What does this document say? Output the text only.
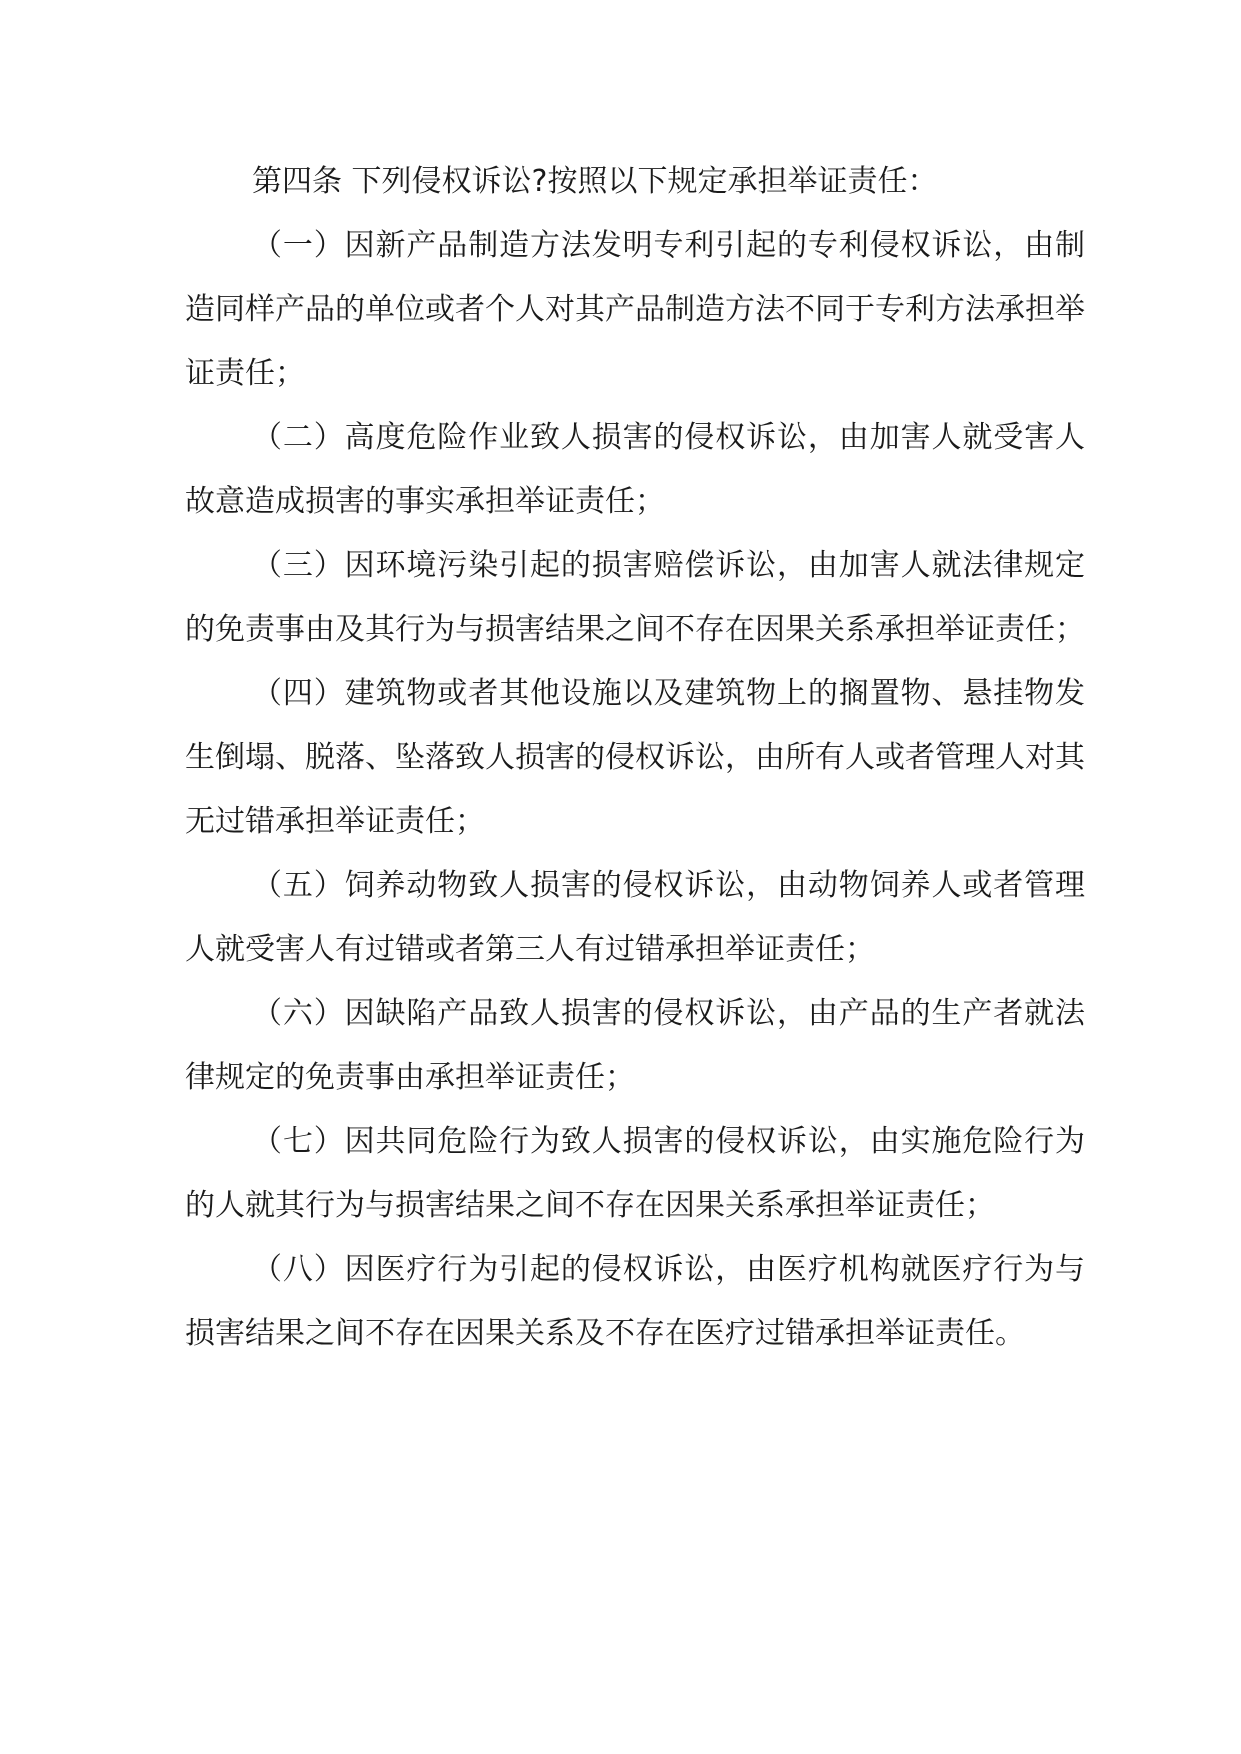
第四条 下列侵权诉讼?按照以下规定承担举证责任：

（一）因新产品制造方法发明专利引起的专利侵权诉讼，由制造同样产品的单位或者个人对其产品制造方法不同于专利方法承担举证责任；

（二）高度危险作业致人损害的侵权诉讼，由加害人就受害人故意造成损害的事实承担举证责任；

（三）因环境污染引起的损害赔偿诉讼，由加害人就法律规定的免责事由及其行为与损害结果之间不存在因果关系承担举证责任；

（四）建筑物或者其他设施以及建筑物上的搁置物、悬挂物发生倒塌、脱落、坠落致人损害的侵权诉讼，由所有人或者管理人对其无过错承担举证责任；

（五）饲养动物致人损害的侵权诉讼，由动物饲养人或者管理人就受害人有过错或者第三人有过错承担举证责任；

（六）因缺陷产品致人损害的侵权诉讼，由产品的生产者就法律规定的免责事由承担举证责任；

（七）因共同危险行为致人损害的侵权诉讼，由实施危险行为的人就其行为与损害结果之间不存在因果关系承担举证责任；

（八）因医疗行为引起的侵权诉讼，由医疗机构就医疗行为与损害结果之间不存在因果关系及不存在医疗过错承担举证责任。
